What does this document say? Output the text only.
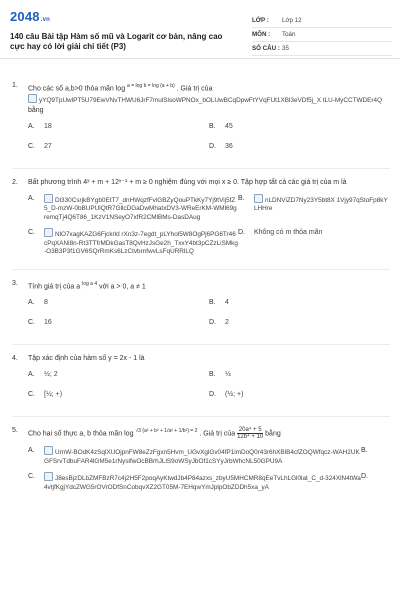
2048.vn
140 câu Bài tập Hàm số mũ và Logarit cơ bản, nâng cao cực hay có lời giải chi tiết (P3)
LỚP :	Lớp 12
MÔN :	Toán
SỐ CÂU : 35
1.	Cho các số a,b>0 thỏa mãn log $^{a = log b = log (a + b)}$ . Giá trị của
yYQ9TpUwlPT5U79EwVNvTHWU6JrF7mulSlsoWPNOx_bOLUwBCqDpwFtYVqFUt1XBl3eVDf5j_X tLU-MyCCTWDEr4Q
bằng
A.	18	B.	45
C.	27	D.	36
2.	Bất phương trình 4ˣ + m + 12ˣ⁻¹ + m ≥ 0 nghiệm đúng với mọi x ≥ 0. Tập hợp tất cả các giá trị của m là
A.	Dl330CsrjkBYgb0EtT7_dnHWqzfFvlGBZyQouPTkKy7Yj9tVij5fZ5_D-mzW-0bBUPUlQtR7GllcDGaDwMhatxDV3-WReErKM-WMl69gremqTj4Q6T86_1KzV1NSeyO7xfR2CMlBMs-DasDAug
B.	nLDNViZD7Ny23Y5bt8X 1Vjy97qStoFp8kYLHHre
C.	NlO7xagKAZG6Fjckrld rXn3z-7egdt_pLYhol5W8OgPj6PG6Tr46cPqXANl8n-Rt3TTfrMDkGasT8QvHzJsGe2h_TxxY4bt3pCZzLiSMkg-O3B3P3f1GV6SQrRmKs6LzCtvbrnfwvLsFqURRlLQ
D.	Không có m thỏa mãn
3.	Tính giá trị của a $^{log a 4}$ với a > 0, a ≠ 1
A.	8	B.	4
C.	16	D.	2
4.	Tập xác định của hàm số y = 2x - 1 là
A.	½; 2	B.	½
C.	[½; +)	D.	(½; +)
5.	Cho hai số thực a, b thỏa mãn log $^{√3 (a^2 + b^2 + 1/a^2 + 1/b^2) = 2}$ . Giá trị của $\frac{\text{20a⁴ + 5}}{\text{12b⁴ + 10}}$ bằng
A.	UrnW-BOdK4zSqlXUOjpnFW8eZzFgxn5Hvm_UGvXglGv04fP1imDoQ0r43r6hXBlB4cfZOQWfqcz-WAH2UKGFSrvTdbuFAR4lGM5e1rNyslfwOcBBrhJLlS9oWSyJbOf1cSYyJrbWhcNL50GPU9A
B.
C.	J8esBjzDLbZMFBzR7c4j2H5F2poqAyKtwdJb4P84azxs_zbyU5MHCMR8qEeTvLhLGl0lat_C_d-324XlN4tWa4vtjfKgjYdcZWG5rOVrODfSnCobqvXZ2GT05M-7EHqwYmJplpObZDDh5xa_yA
D.
